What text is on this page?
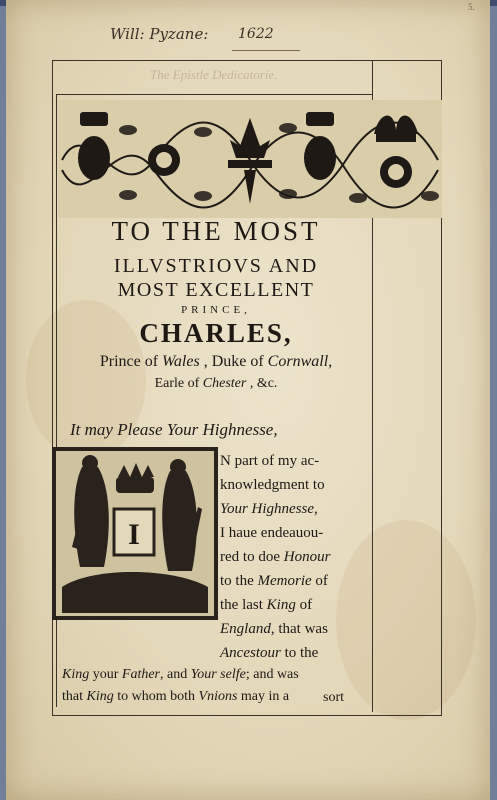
5.
Will: Pyzane: 1622
The Epistle Dedicatorie.
TO THE MOST
ILLVSTRIOVS AND
MOST EXCELLENT
PRINCE,
CHARLES,
Prince of Wales , Duke of Cornwall,
Earle of Chester , &c.
It may Please Your Highnesse,
I
N part of my ac-
knowledgment to
Your Highnesse,
I haue endeauou-
red to doe Honour
to the Memorie of
the last King of
England, that was
Ancestour to the
King your Father, and Your selfe; and was
that King to whom both Vnions may in a sort
